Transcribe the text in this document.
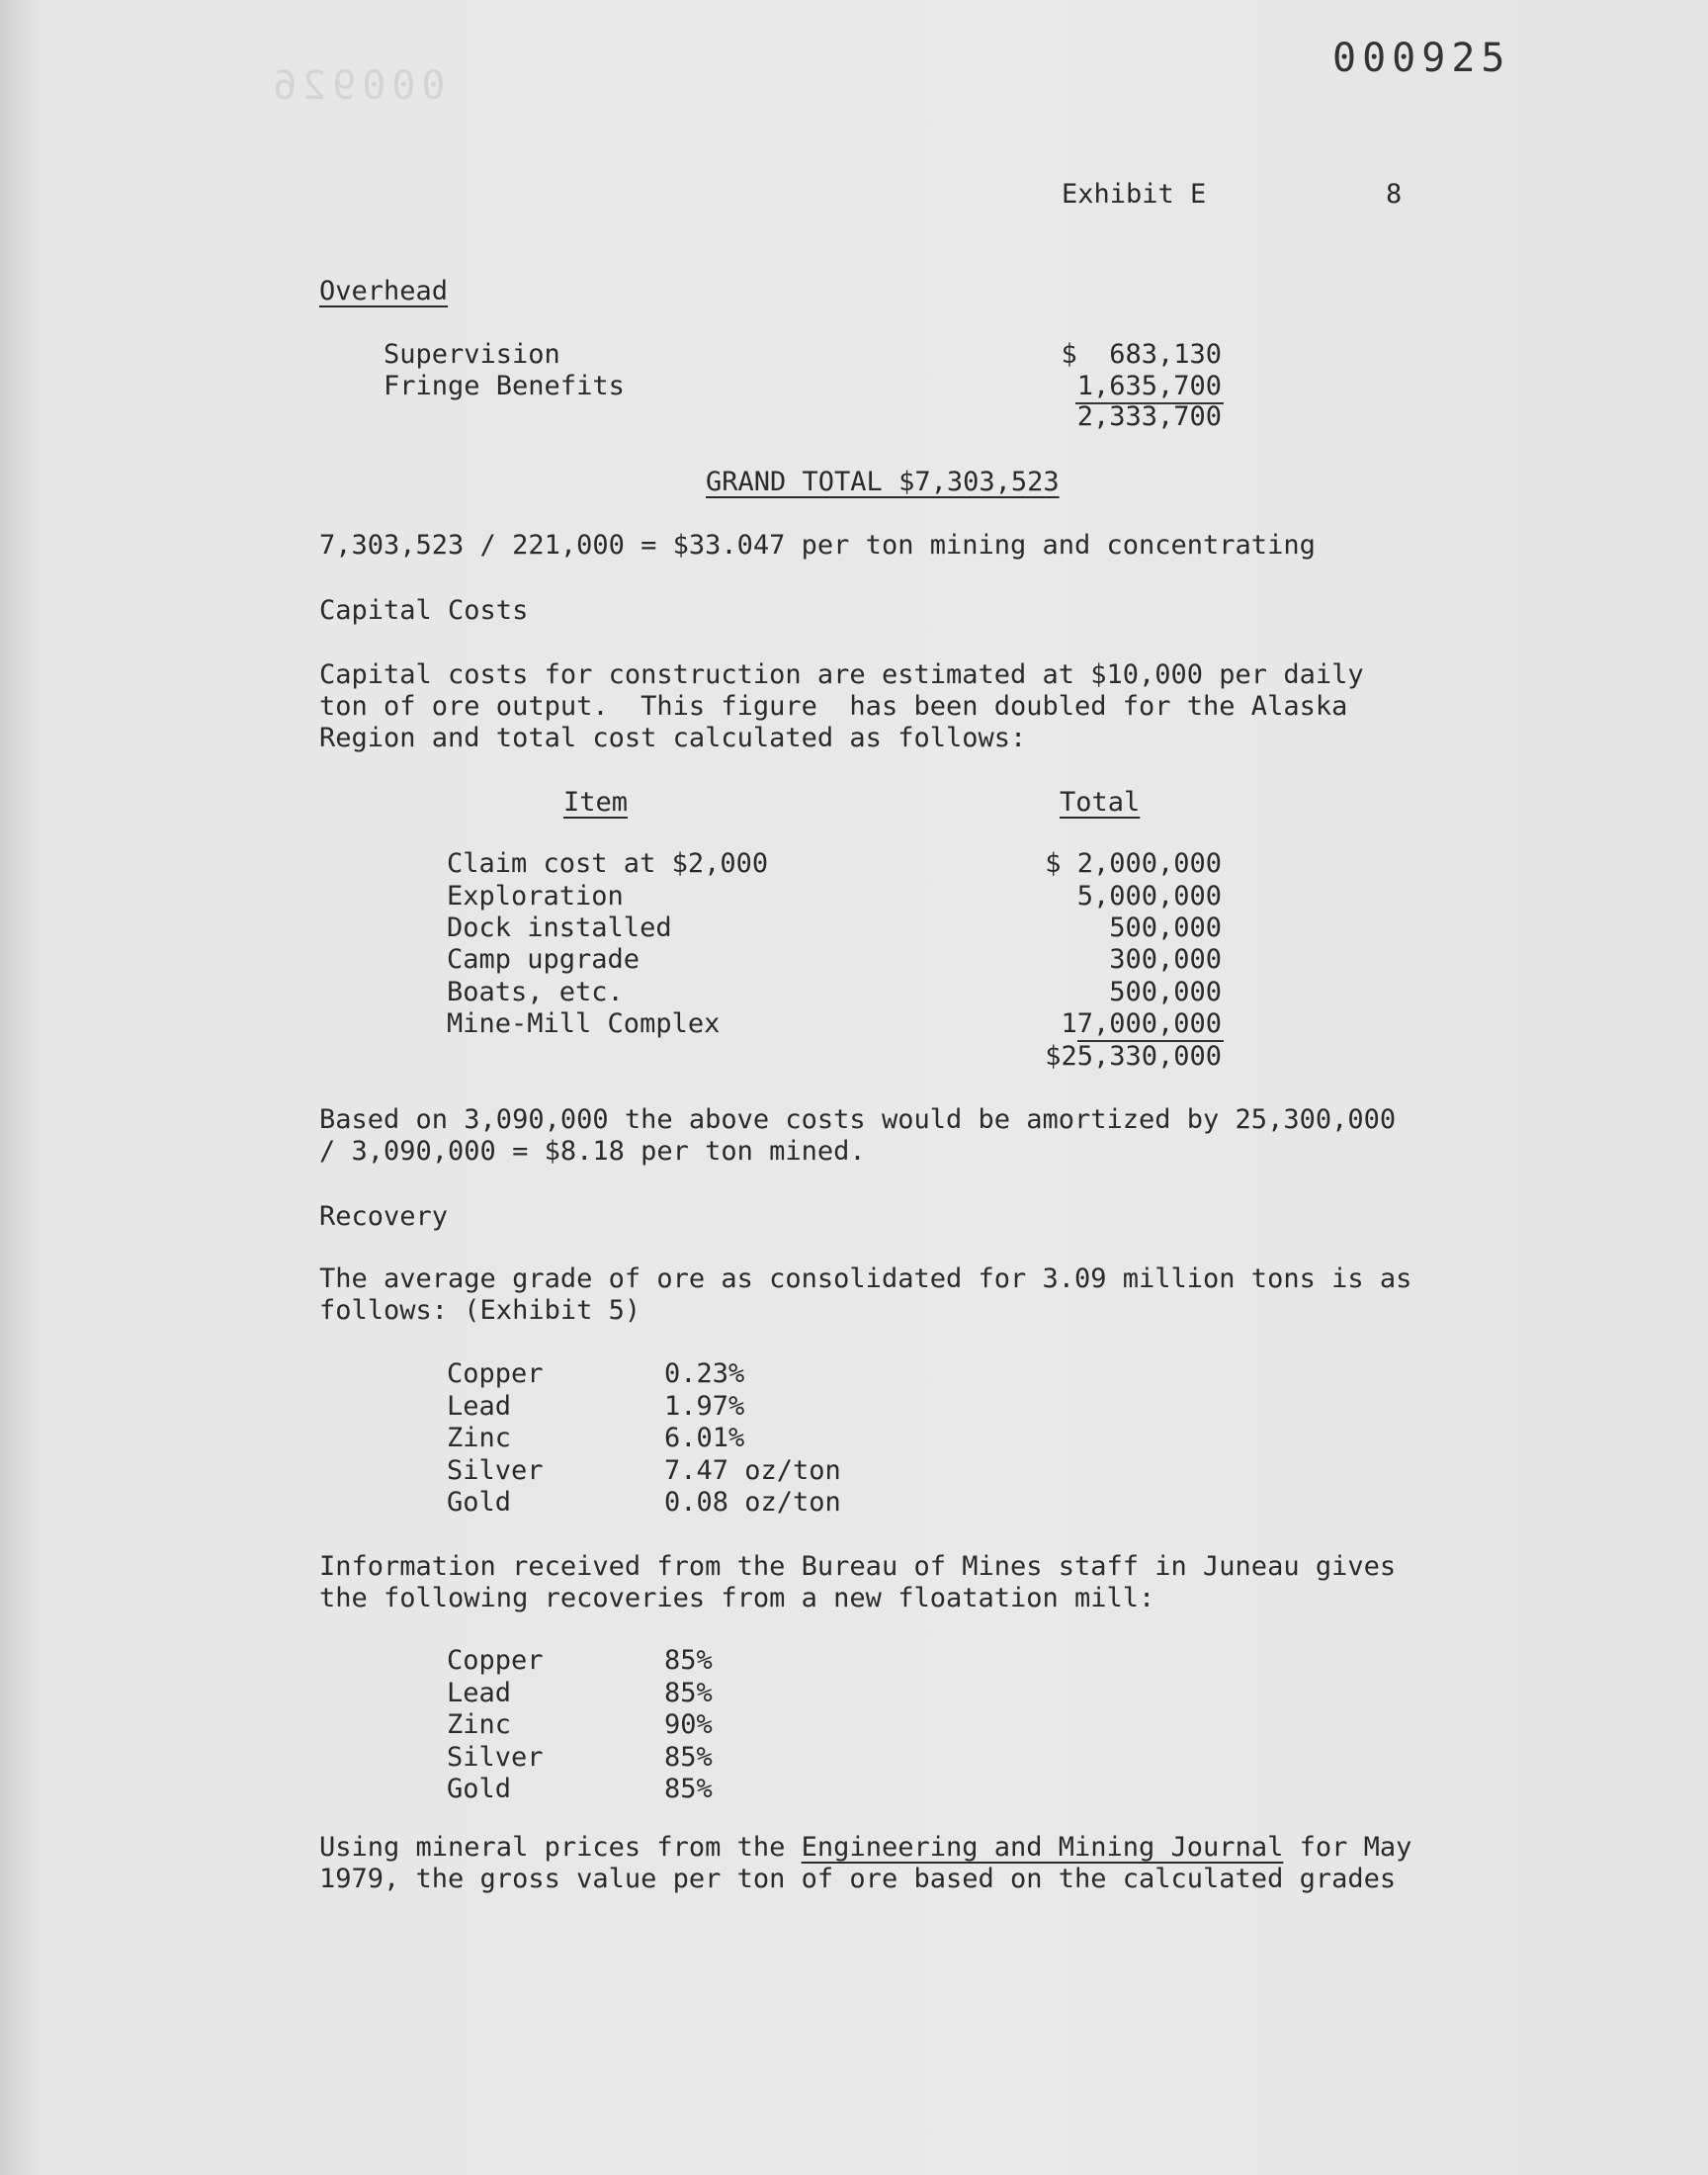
000925
000926
Exhibit E	8
Overhead
Supervision	$  683,130
Fringe Benefits	1,635,700
2,333,700
GRAND TOTAL $7,303,523
7,303,523 / 221,000 = $33.047 per ton mining and concentrating
Capital Costs
Capital costs for construction are estimated at $10,000 per daily
ton of ore output.  This figure  has been doubled for the Alaska
Region and total cost calculated as follows:
Item	Total
Claim cost at $2,000	$ 2,000,000
Exploration	5,000,000
Dock installed	500,000
Camp upgrade	300,000
Boats, etc.	500,000
Mine-Mill Complex	17,000,000
$25,330,000
Based on 3,090,000 the above costs would be amortized by 25,300,000
/ 3,090,000 = $8.18 per ton mined.
Recovery
The average grade of ore as consolidated for 3.09 million tons is as
follows: (Exhibit 5)
Copper	0.23%
Lead	1.97%
Zinc	6.01%
Silver	7.47 oz/ton
Gold	0.08 oz/ton
Information received from the Bureau of Mines staff in Juneau gives
the following recoveries from a new floatation mill:
Copper	85%
Lead	85%
Zinc	90%
Silver	85%
Gold	85%
Using mineral prices from the Engineering and Mining Journal for May
1979, the gross value per ton of ore based on the calculated grades
